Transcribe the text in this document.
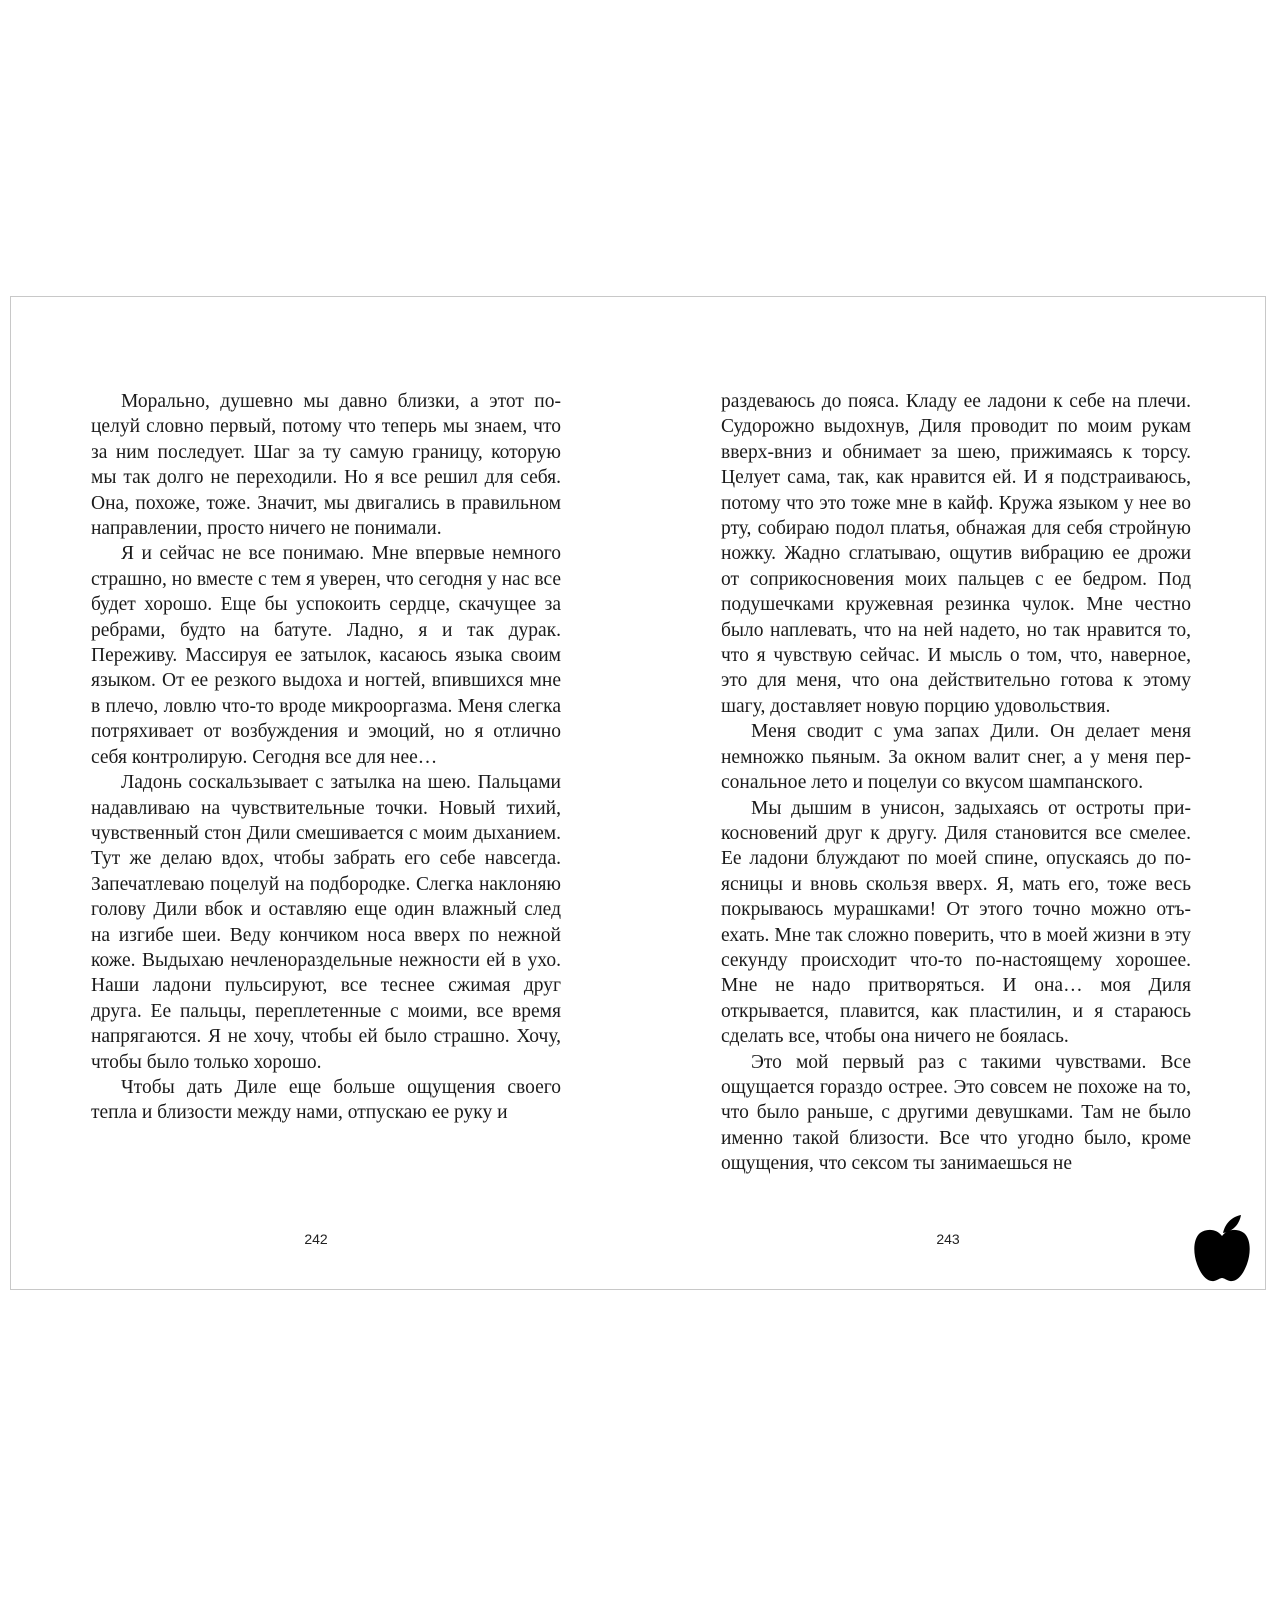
Морально, душевно мы давно близки, а этот поцелуй словно первый, потому что теперь мы знаем, что за ним последует. Шаг за ту самую границу, которую мы так долго не переходили. Но я все решил для себя. Она, похоже, тоже. Значит, мы двигались в правильном направлении, просто ничего не понимали.

Я и сейчас не все понимаю. Мне впервые немного страшно, но вместе с тем я уверен, что сегодня у нас все будет хорошо. Еще бы успокоить сердце, скачущее за ребрами, будто на батуте. Ладно, я и так дурак. Переживу. Массируя ее затылок, касаюсь языка своим языком. От ее резкого выдоха и ногтей, впившихся мне в плечо, ловлю что-то вроде микрооргазма. Меня слегка потряхивает от возбуждения и эмоций, но я отлично себя контролирую. Сегодня все для нее…

Ладонь соскальзывает с затылка на шею. Пальцами надавливаю на чувствительные точки. Новый тихий, чувственный стон Дили смешивается с моим дыханием. Тут же делаю вдох, чтобы забрать его себе навсегда. Запечатлеваю поцелуй на подбородке. Слегка наклоняю голову Дили вбок и оставляю еще один влажный след на изгибе шеи. Веду кончиком носа вверх по нежной коже. Выдыхаю нечленораздельные нежности ей в ухо. Наши ладони пульсируют, все теснее сжимая друг друга. Ее пальцы, переплетенные с моими, все время напрягаются. Я не хочу, чтобы ей было страшно. Хочу, чтобы было только хорошо.

Чтобы дать Диле еще больше ощущения своего тепла и близости между нами, отпускаю ее руку и

242

раздеваюсь до пояса. Кладу ее ладони к себе на плечи. Судорожно выдохнув, Диля проводит по моим рукам вверх-вниз и обнимает за шею, прижимаясь к торсу. Целует сама, так, как нравится ей. И я подстраиваюсь, потому что это тоже мне в кайф. Кружа языком у нее во рту, собираю подол платья, обнажая для себя стройную ножку. Жадно сглатываю, ощутив вибрацию ее дрожи от соприкосновения моих пальцев с ее бедром. Под подушечками кружевная резинка чулок. Мне честно было наплевать, что на ней надето, но так нравится то, что я чувствую сейчас. И мысль о том, что, наверное, это для меня, что она действительно готова к этому шагу, доставляет новую порцию удовольствия.

Меня сводит с ума запах Дили. Он делает меня немножко пьяным. За окном валит снег, а у меня персональное лето и поцелуи со вкусом шампанского.

Мы дышим в унисон, задыхаясь от остроты прикосновений друг к другу. Диля становится все смелее. Ее ладони блуждают по моей спине, опускаясь до поясницы и вновь скользя вверх. Я, мать его, тоже весь покрываюсь мурашками! От этого точно можно отъехать. Мне так сложно поверить, что в моей жизни в эту секунду происходит что-то по-настоящему хорошее. Мне не надо притворяться. И она… моя Диля открывается, плавится, как пластилин, и я стараюсь сделать все, чтобы она ничего не боялась.

Это мой первый раз с такими чувствами. Все ощущается гораздо острее. Это совсем не похоже на то, что было раньше, с другими девушками. Там не было именно такой близости. Все что угодно было, кроме ощущения, что сексом ты занимаешься не

243
